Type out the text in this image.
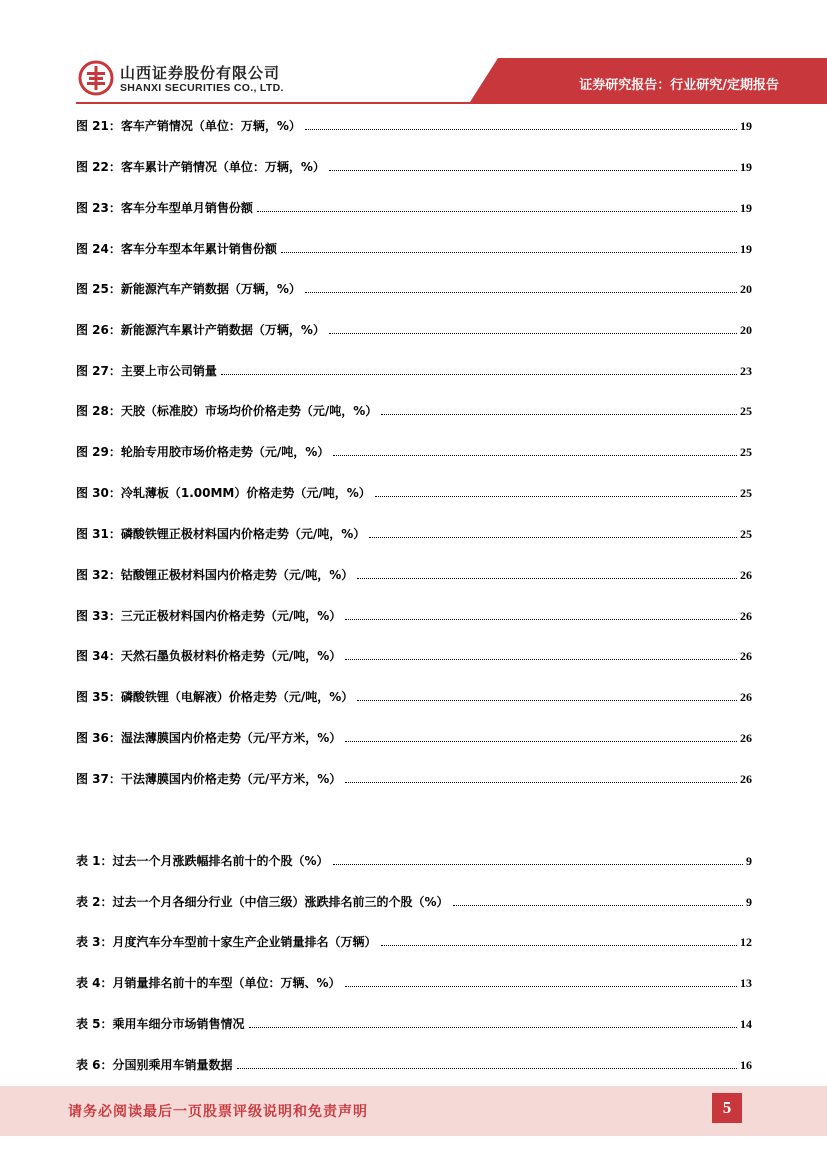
山西证券股份有限公司
SHANXI SECURITIES CO., LTD.	证券研究报告：行业研究/定期报告
图 21：客车产销情况（单位：万辆，%）	19
图 22：客车累计产销情况（单位：万辆，%）	19
图 23：客车分车型单月销售份额	19
图 24：客车分车型本年累计销售份额	19
图 25：新能源汽车产销数据（万辆，%）	20
图 26：新能源汽车累计产销数据（万辆，%）	20
图 27：主要上市公司销量	23
图 28：天胶（标准胶）市场均价价格走势（元/吨，%）	25
图 29：轮胎专用胶市场价格走势（元/吨，%）	25
图 30：冷轧薄板（1.00MM）价格走势（元/吨，%）	25
图 31：磷酸铁锂正极材料国内价格走势（元/吨，%）	25
图 32：钴酸锂正极材料国内价格走势（元/吨，%）	26
图 33：三元正极材料国内价格走势（元/吨，%）	26
图 34：天然石墨负极材料价格走势（元/吨，%）	26
图 35：磷酸铁锂（电解液）价格走势（元/吨，%）	26
图 36：湿法薄膜国内价格走势（元/平方米，%）	26
图 37：干法薄膜国内价格走势（元/平方米，%）	26
表 1：过去一个月涨跌幅排名前十的个股（%）	9
表 2：过去一个月各细分行业（中信三级）涨跌排名前三的个股（%）	9
表 3：月度汽车分车型前十家生产企业销量排名（万辆）	12
表 4：月销量排名前十的车型（单位：万辆、%）	13
表 5：乘用车细分市场销售情况	14
表 6：分国别乘用车销量数据	16
请务必阅读最后一页股票评级说明和免责声明	5
